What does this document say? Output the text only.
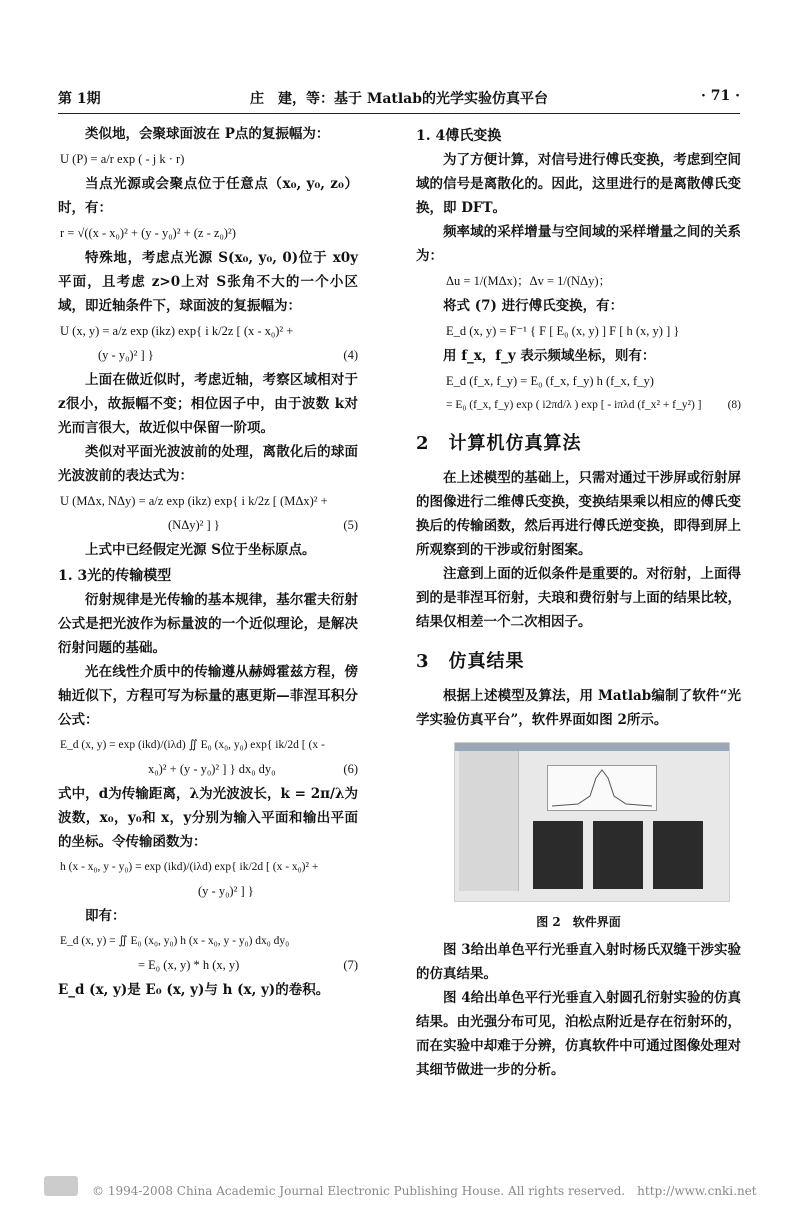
第 1期	庄　建，等：基于 Matlab的光学实验仿真平台	· 71 ·

类似地，会聚球面波在 P点的复振幅为：

U (P) = a/r exp ( - j k · r)

当点光源或会聚点位于任意点（x₀, y₀, z₀）时，有：

r = √((x - x₀)² + (y - y₀)² + (z - z₀)²)

特殊地，考虑点光源 S(x₀, y₀, 0)位于 x0y平面，且考虑 z>0上对 S张角不大的一个小区域，即近轴条件下，球面波的复振幅为：

U (x, y) = a/z exp (ikz) exp{ i k/2z [ (x - x₀)² +
(y - y₀)² ] }	(4)

上面在做近似时，考虑近轴，考察区域相对于 z很小，故振幅不变；相位因子中，由于波数 k对光而言很大，故近似中保留一阶项。

类似对平面光波波前的处理，离散化后的球面光波波前的表达式为：

U (MΔx, NΔy) = a/z exp (ikz) exp{ i k/2z [ (MΔx)² +
(NΔy)² ] }	(5)

上式中已经假定光源 S位于坐标原点。

1. 3光的传输模型

衍射规律是光传输的基本规律，基尔霍夫衍射公式是把光波作为标量波的一个近似理论，是解决衍射问题的基础。

光在线性介质中的传输遵从赫姆霍兹方程，傍轴近似下，方程可写为标量的惠更斯—菲涅耳积分公式：

E_d (x, y) = exp (ikd)/(iλd) ∬ E₀ (x₀, y₀) exp{ ik/2d [ (x -
x₀)² + (y - y₀)² ] } dx₀ dy₀	(6)

式中，d为传输距离，λ为光波波长，k = 2π/λ为波数，x₀，y₀和 x，y分别为输入平面和输出平面的坐标。令传输函数为：

h (x - x₀, y - y₀) = exp (ikd)/(iλd) exp{ ik/2d [ (x - x₀)² +
(y - y₀)² ] }

即有：

E_d (x, y) = ∬ E₀ (x₀, y₀) h (x - x₀, y - y₀) dx₀ dy₀
= E₀ (x, y) * h (x, y)	(7)

E_d (x, y)是 E₀ (x, y)与 h (x, y)的卷积。

1. 4傅氏变换

为了方便计算，对信号进行傅氏变换，考虑到空间域的信号是离散化的。因此，这里进行的是离散傅氏变换，即 DFT。

频率域的采样增量与空间域的采样增量之间的关系为：

Δu = 1/(MΔx)；Δv = 1/(NΔy)；

将式 (7) 进行傅氏变换，有：

E_d (x, y) = F⁻¹ { F [ E₀ (x, y) ] F [ h (x, y) ] }

用 f_x，f_y 表示频域坐标，则有：

E_d (f_x, f_y) = E₀ (f_x, f_y) h (f_x, f_y)
= E₀ (f_x, f_y) exp ( i2πd/λ ) exp [ - iπλd (f_x² + f_y²) ] (8)
2　计算机仿真算法

在上述模型的基础上，只需对通过干涉屏或衍射屏的图像进行二维傅氏变换，变换结果乘以相应的傅氏变换后的传输函数，然后再进行傅氏逆变换，即得到屏上所观察到的干涉或衍射图案。

注意到上面的近似条件是重要的。对衍射，上面得到的是菲涅耳衍射，夫琅和费衍射与上面的结果比较，结果仅相差一个二次相因子。

3　仿真结果

根据上述模型及算法，用 Matlab编制了软件“光学实验仿真平台”，软件界面如图 2所示。

图 2　软件界面

图 3给出单色平行光垂直入射时杨氏双缝干涉实验的仿真结果。

图 4给出单色平行光垂直入射圆孔衍射实验的仿真结果。由光强分布可见，泊松点附近是存在衍射环的，而在实验中却难于分辨，仿真软件中可通过图像处理对其细节做进一步的分析。

© 1994-2008 China Academic Journal Electronic Publishing House. All rights reserved.　http://www.cnki.net
